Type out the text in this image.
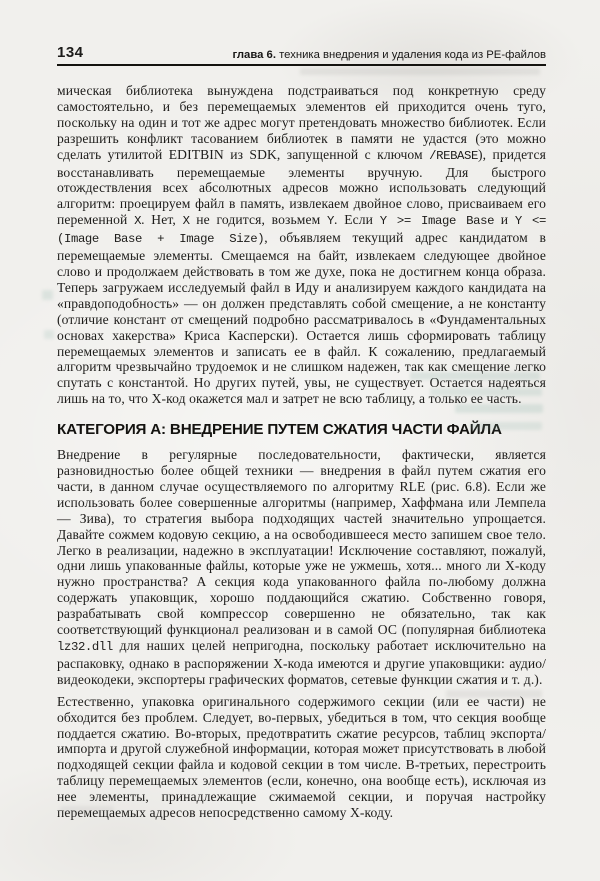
134	глава 6. техника внедрения и удаления кода из PE-файлов

мическая библиотека вынуждена подстраиваться под конкретную среду самостоятельно, и без перемещаемых элементов ей приходится очень туго, поскольку на один и тот же адрес могут претендовать множество библиотек. Если разрешить конфликт тасованием библиотек в памяти не удастся (это можно сделать утилитой EDITBIN из SDK, запущенной с ключом /REBASE), придется восстанавливать перемещаемые элементы вручную. Для быстрого отождествления всех абсолютных адресов можно использовать следующий алгоритм: проецируем файл в память, извлекаем двойное слово, присваиваем его переменной X. Нет, X не годится, возьмем Y. Если Y >= Image Base и Y <= (Image Base + Image Size), объявляем текущий адрес кандидатом в перемещаемые элементы. Смещаемся на байт, извлекаем следующее двойное слово и продолжаем действовать в том же духе, пока не достигнем конца образа. Теперь загружаем исследуемый файл в Иду и анализируем каждого кандидата на «правдоподобность» — он должен представлять собой смещение, а не константу (отличие констант от смещений подробно рассматривалось в «Фундаментальных основах хакерства» Криса Касперски). Остается лишь сформировать таблицу перемещаемых элементов и записать ее в файл. К сожалению, предлагаемый алгоритм чрезвычайно трудоемок и не слишком надежен, так как смещение легко спутать с константой. Но других путей, увы, не существует. Остается надеяться лишь на то, что X-код окажется мал и затрет не всю таблицу, а только ее часть.

КАТЕГОРИЯ А: ВНЕДРЕНИЕ ПУТЕМ СЖАТИЯ ЧАСТИ ФАЙЛА

Внедрение в регулярные последовательности, фактически, является разновидностью более общей техники — внедрения в файл путем сжатия его части, в данном случае осуществляемого по алгоритму RLE (рис. 6.8). Если же использовать более совершенные алгоритмы (например, Хаффмана или Лемпела — Зива), то стратегия выбора подходящих частей значительно упрощается. Давайте сожмем кодовую секцию, а на освободившееся место запишем свое тело. Легко в реализации, надежно в эксплуатации! Исключение составляют, пожалуй, одни лишь упакованные файлы, которые уже не ужмешь, хотя... много ли X-коду нужно пространства? А секция кода упакованного файла по-любому должна содержать упаковщик, хорошо поддающийся сжатию. Собственно говоря, разрабатывать свой компрессор совершенно не обязательно, так как соответствующий функционал реализован и в самой ОС (популярная библиотека lz32.dll для наших целей непригодна, поскольку работает исключительно на распаковку, однако в распоряжении X-кода имеются и другие упаковщики: аудио/видеокодеки, экспортеры графических форматов, сетевые функции сжатия и т. д.).

Естественно, упаковка оригинального содержимого секции (или ее части) не обходится без проблем. Следует, во-первых, убедиться в том, что секция вообще поддается сжатию. Во-вторых, предотвратить сжатие ресурсов, таблиц экспорта/импорта и другой служебной информации, которая может присутствовать в любой подходящей секции файла и кодовой секции в том числе. В-третьих, перестроить таблицу перемещаемых элементов (если, конечно, она вообще есть), исключая из нее элементы, принадлежащие сжимаемой секции, и поручая настройку перемещаемых адресов непосредственно самому X-коду.
